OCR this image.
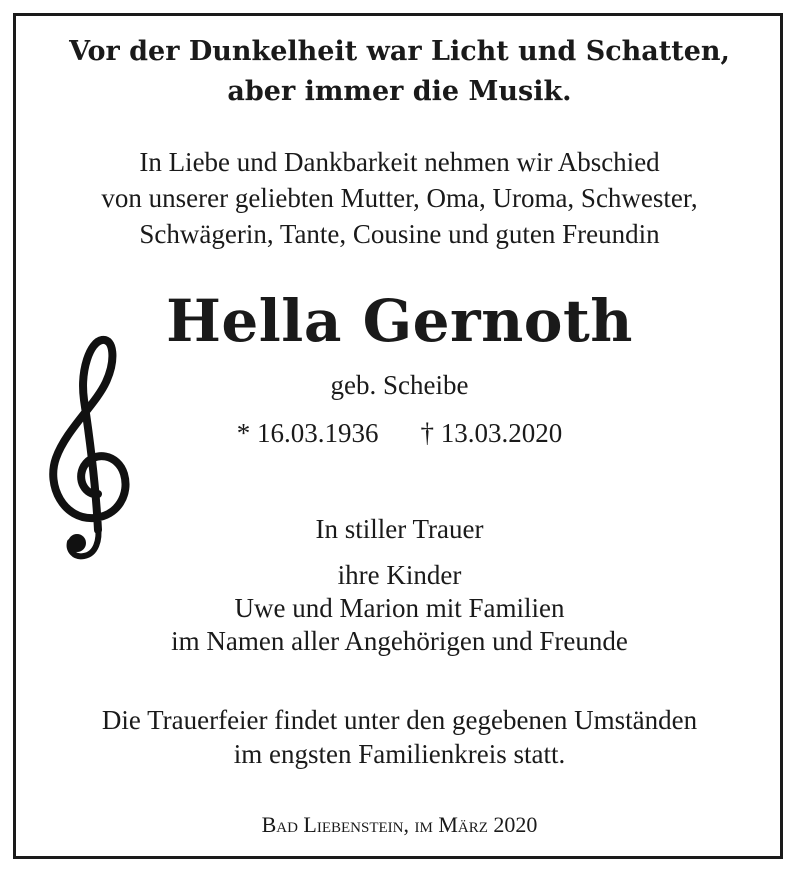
Vor der Dunkelheit war Licht und Schatten,
aber immer die Musik.
In Liebe und Dankbarkeit nehmen wir Abschied
von unserer geliebten Mutter, Oma, Uroma, Schwester,
Schwägerin, Tante, Cousine und guten Freundin
Hella Gernoth
geb. Scheibe
* 16.03.1936 † 13.03.2020
In stiller Trauer
ihre Kinder
Uwe und Marion mit Familien
im Namen aller Angehörigen und Freunde
Die Trauerfeier findet unter den gegebenen Umständen
im engsten Familienkreis statt.
Bad Liebenstein, im März 2020
